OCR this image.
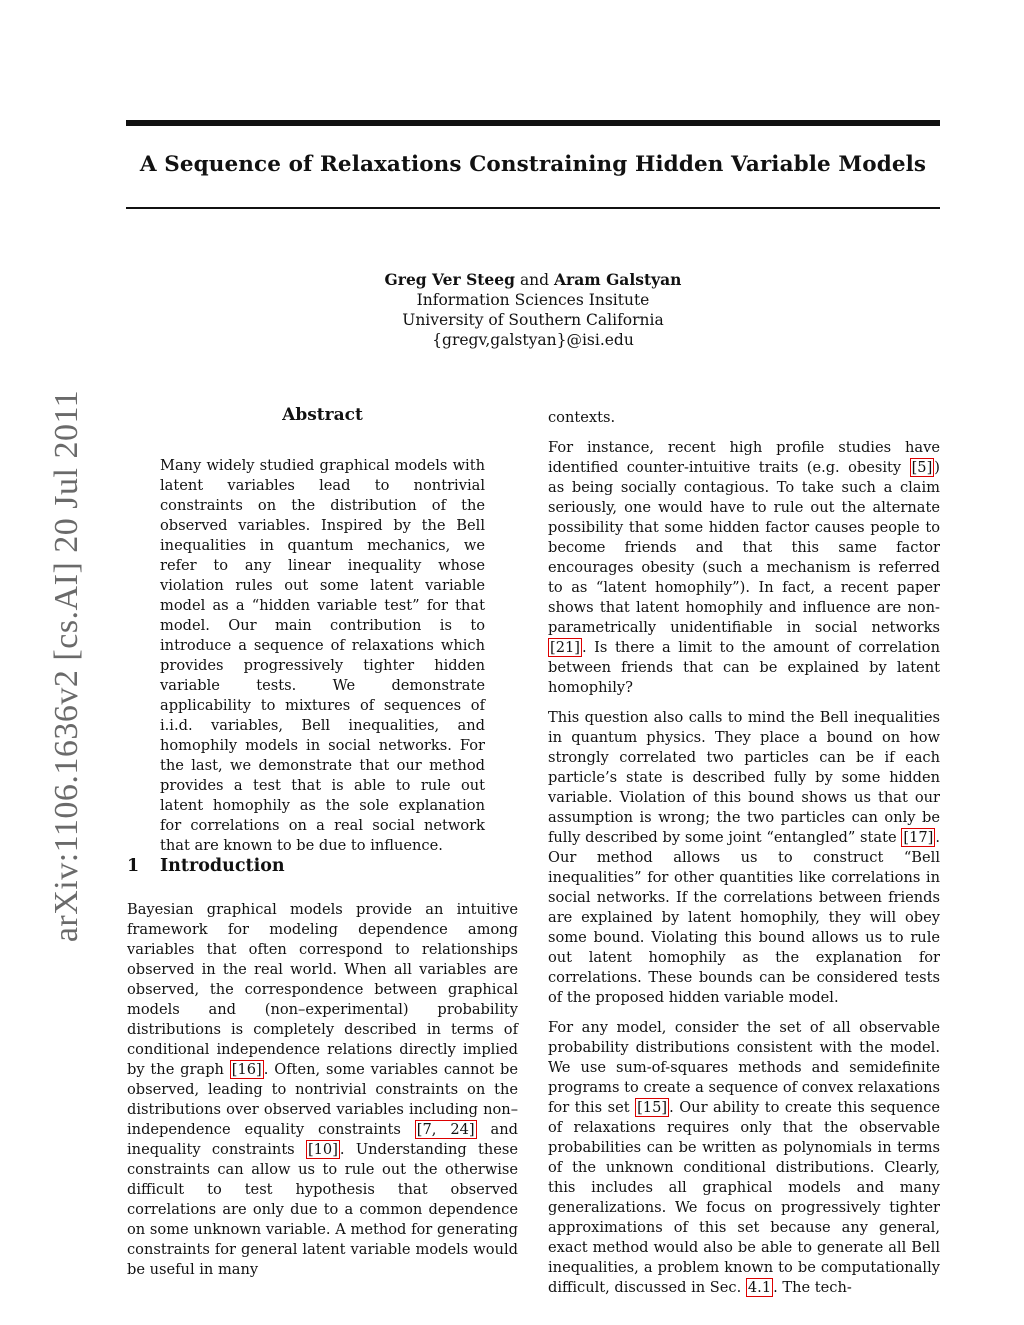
A Sequence of Relaxations Constraining Hidden Variable Models
Greg Ver Steeg and Aram Galstyan
Information Sciences Insitute
University of Southern California
{gregv,galstyan}@isi.edu
arXiv:1106.1636v2 [cs.AI] 20 Jul 2011	Abstract
Many widely studied graphical models with latent variables lead to nontrivial constraints on the distribution of the observed variables. Inspired by the Bell inequalities in quantum mechanics, we refer to any linear inequality whose violation rules out some latent variable model as a “hidden variable test” for that model. Our main contribution is to introduce a sequence of relaxations which provides progressively tighter hidden variable tests. We demonstrate applicability to mixtures of sequences of i.i.d. variables, Bell inequalities, and homophily models in social networks. For the last, we demonstrate that our method provides a test that is able to rule out latent homophily as the sole explanation for correlations on a real social network that are known to be due to influence.
1 Introduction

Bayesian graphical models provide an intuitive framework for modeling dependence among variables that often correspond to relationships observed in the real world. When all variables are observed, the correspondence between graphical models and (non–experimental) probability distributions is completely described in terms of conditional independence relations directly implied by the graph [16] . Often, some variables cannot be observed, leading to nontrivial constraints on the distributions over observed variables including non–independence equality constraints [7, 24] and inequality constraints [10] . Understanding these constraints can allow us to rule out the otherwise difficult to test hypothesis that observed correlations are only due to a common dependence on some unknown variable. A method for generating constraints for general latent variable models would be useful in many

contexts.

For instance, recent high profile studies have identified counter-intuitive traits (e.g. obesity [5] ) as being socially contagious. To take such a claim seriously, one would have to rule out the alternate possibility that some hidden factor causes people to become friends and that this same factor encourages obesity (such a mechanism is referred to as “latent homophily”). In fact, a recent paper shows that latent homophily and influence are non-parametrically unidentifiable in social networks [21] . Is there a limit to the amount of correlation between friends that can be explained by latent homophily?

This question also calls to mind the Bell inequalities in quantum physics. They place a bound on how strongly correlated two particles can be if each particle’s state is described fully by some hidden variable. Violation of this bound shows us that our assumption is wrong; the two particles can only be fully described by some joint “entangled” state [17] . Our method allows us to construct “Bell inequalities” for other quantities like correlations in social networks. If the correlations between friends are explained by latent homophily, they will obey some bound. Violating this bound allows us to rule out latent homophily as the explanation for correlations. These bounds can be considered tests of the proposed hidden variable model.

For any model, consider the set of all observable probability distributions consistent with the model. We use sum-of-squares methods and semidefinite programs to create a sequence of convex relaxations for this set [15] . Our ability to create this sequence of relaxations requires only that the observable probabilities can be written as polynomials in terms of the unknown conditional distributions. Clearly, this includes all graphical models and many generalizations. We focus on progressively tighter approximations of this set because any general, exact method would also be able to generate all Bell inequalities, a problem known to be computationally difficult, discussed in Sec. 4.1 . The tech-
